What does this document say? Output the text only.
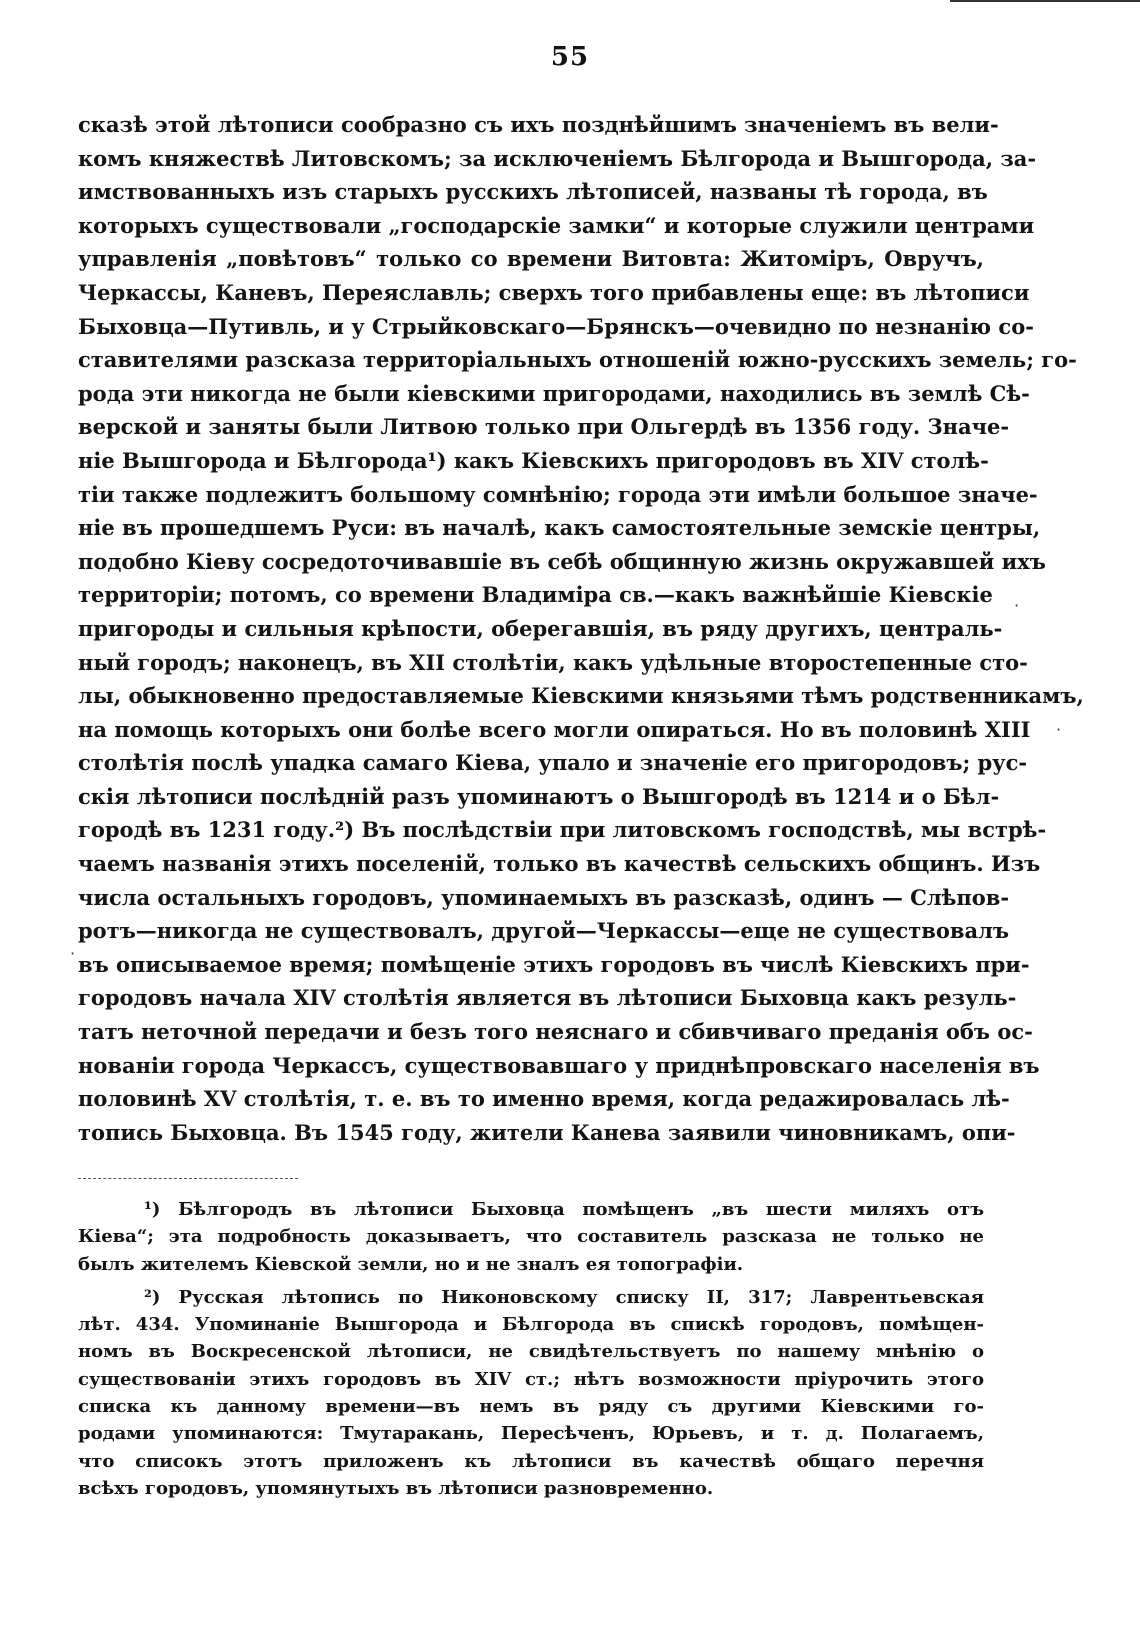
55
сказѣ этой лѣтописи сообразно съ ихъ позднѣйшимъ значеніемъ въ вели-
комъ княжествѣ Литовскомъ; за исключеніемъ Бѣлгорода и Вышгорода, за-
имствованныхъ изъ старыхъ русскихъ лѣтописей, названы тѣ города, въ
которыхъ существовали „господарскіе замки“ и которые служили центрами
управленія „повѣтовъ“ только со времени Витовта: Житоміръ, Овручъ,
Черкассы, Каневъ, Переяславль; сверхъ того прибавлены еще: въ лѣтописи
Быховца—Путивль, и у Стрыйковскаго—Брянскъ—очевидно по незнанію со-
ставителями разсказа территоріальныхъ отношеній южно-русскихъ земель; го-
рода эти никогда не были кіевскими пригородами, находились въ землѣ Сѣ-
верской и заняты были Литвою только при Ольгердѣ въ 1356 году. Значе-
ніе Вышгорода и Бѣлгорода¹) какъ Кіевскихъ пригородовъ въ XIV столѣ-
тіи также подлежитъ большому сомнѣнію; города эти имѣли большое значе-
ніе въ прошедшемъ Руси: въ началѣ, какъ самостоятельные земскіе центры,
подобно Кіеву сосредоточивавшіе въ себѣ общинную жизнь окружавшей ихъ
территоріи; потомъ, со времени Владиміра св.—какъ важнѣйшіе Кіевскіе
пригороды и сильныя крѣпости, оберегавшія, въ ряду другихъ, централь-
ный городъ; наконецъ, въ XII столѣтіи, какъ удѣльные второстепенные сто-
лы, обыкновенно предоставляемые Кіевскими князьями тѣмъ родственникамъ,
на помощь которыхъ они болѣе всего могли опираться. Но въ половинѣ XIII
столѣтія послѣ упадка самаго Кіева, упало и значеніе его пригородовъ; рус-
скія лѣтописи послѣдній разъ упоминаютъ о Вышгородѣ въ 1214 и о Бѣл-
городѣ въ 1231 году.²) Въ послѣдствіи при литовскомъ господствѣ, мы встрѣ-
чаемъ названія этихъ поселеній, только въ качествѣ сельскихъ общинъ. Изъ
числа остальныхъ городовъ, упоминаемыхъ въ разсказѣ, одинъ — Слѣпов-
ротъ—никогда не существовалъ, другой—Черкассы—еще не существовалъ
въ описываемое время; помѣщеніе этихъ городовъ въ числѣ Кіевскихъ при-
городовъ начала XIV столѣтія является въ лѣтописи Быховца какъ резуль-
татъ неточной передачи и безъ того неяснаго и сбивчиваго преданія объ ос-
нованіи города Черкассъ, существовавшаго у приднѣпровскаго населенія въ
половинѣ XV столѣтія, т. е. въ то именно время, когда редажировалась лѣ-
топись Быховца. Въ 1545 году, жители Канева заявили чиновникамъ, опи-
¹) Бѣлгородъ въ лѣтописи Быховца помѣщенъ „въ шести миляхъ отъ
Кіева“; эта подробность доказываетъ, что составитель разсказа не только не
былъ жителемъ Кіевской земли, но и не зналъ ея топографіи.
²) Русская лѣтопись по Никоновскому списку II, 317; Лаврентьевская
лѣт. 434. Упоминаніе Вышгорода и Бѣлгорода въ спискѣ городовъ, помѣщен-
номъ въ Воскресенской лѣтописи, не свидѣтельствуетъ по нашему мнѣнію о
существованіи этихъ городовъ въ XIV ст.; нѣтъ возможности пріурочить этого
списка къ данному времени—въ немъ въ ряду съ другими Кіевскими го-
родами упоминаются: Тмутаракань, Пересѣченъ, Юрьевъ, и т. д. Полагаемъ,
что списокъ этотъ приложенъ къ лѣтописи въ качествѣ общаго перечня
всѣхъ городовъ, упомянутыхъ въ лѣтописи разновременно.
·
·
·
